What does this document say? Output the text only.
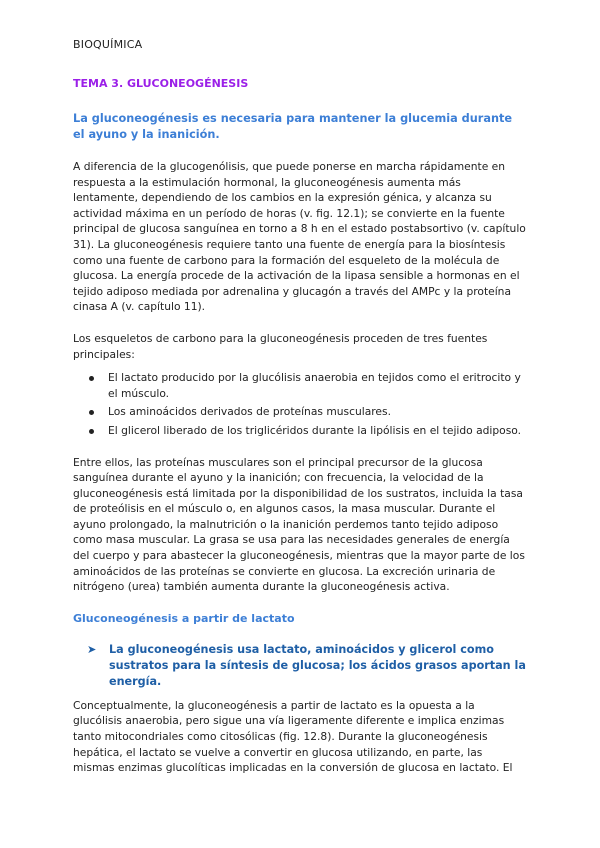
BIOQUÍMICA
TEMA 3. GLUCONEOGÉNESIS
La gluconeogénesis es necesaria para mantener la glucemia durante el ayuno y la inanición.

A diferencia de la glucogenólisis, que puede ponerse en marcha rápidamente en respuesta a la estimulación hormonal, la gluconeogénesis aumenta más lentamente, dependiendo de los cambios en la expresión génica, y alcanza su actividad máxima en un período de horas (v. fig. 12.1); se convierte en la fuente principal de glucosa sanguínea en torno a 8 h en el estado postabsortivo (v. capítulo 31). La gluconeogénesis requiere tanto una fuente de energía para la biosíntesis como una fuente de carbono para la formación del esqueleto de la molécula de glucosa. La energía procede de la activación de la lipasa sensible a hormonas en el tejido adiposo mediada por adrenalina y glucagón a través del AMPc y la proteína cinasa A (v. capítulo 11).

Los esqueletos de carbono para la gluconeogénesis proceden de tres fuentes principales:

El lactato producido por la glucólisis anaerobia en tejidos como el eritrocito y el músculo.
Los aminoácidos derivados de proteínas musculares.
El glicerol liberado de los triglicéridos durante la lipólisis en el tejido adiposo.

Entre ellos, las proteínas musculares son el principal precursor de la glucosa sanguínea durante el ayuno y la inanición; con frecuencia, la velocidad de la gluconeogénesis está limitada por la disponibilidad de los sustratos, incluida la tasa de proteólisis en el músculo o, en algunos casos, la masa muscular. Durante el ayuno prolongado, la malnutrición o la inanición perdemos tanto tejido adiposo como masa muscular. La grasa se usa para las necesidades generales de energía del cuerpo y para abastecer la gluconeogénesis, mientras que la mayor parte de los aminoácidos de las proteínas se convierte en glucosa. La excreción urinaria de nitrógeno (urea) también aumenta durante la gluconeogénesis activa.

Gluconeogénesis a partir de lactato
➤ La gluconeogénesis usa lactato, aminoácidos y glicerol como sustratos para la síntesis de glucosa; los ácidos grasos aportan la energía.

Conceptualmente, la gluconeogénesis a partir de lactato es la opuesta a la glucólisis anaerobia, pero sigue una vía ligeramente diferente e implica enzimas tanto mitocondriales como citosólicas (fig. 12.8). Durante la gluconeogénesis hepática, el lactato se vuelve a convertir en glucosa utilizando, en parte, las mismas enzimas glucolíticas implicadas en la conversión de glucosa en lactato. El
